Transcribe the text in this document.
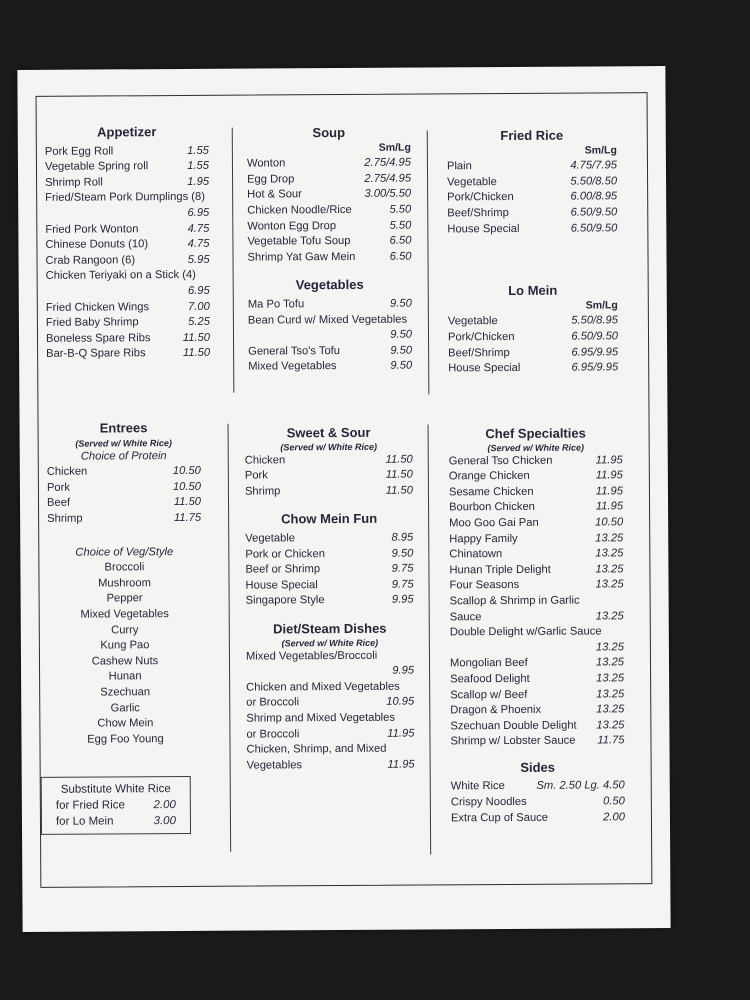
Appetizer
Pork Egg Roll	1.55
Vegetable Spring roll	1.55
Shrimp Roll	1.95
Fried/Steam Pork Dumplings (8)
6.95
Fried Pork Wonton	4.75
Chinese Donuts (10)	4.75
Crab Rangoon (6)	5.95
Chicken Teriyaki on a Stick (4)
6.95
Fried Chicken Wings	7.00
Fried Baby Shrimp	5.25
Boneless Spare Ribs	11.50
Bar-B-Q Spare Ribs	11.50
Soup
Sm/Lg
Wonton	2.75/4.95
Egg Drop	2.75/4.95
Hot & Sour	3.00/5.50
Chicken Noodle/Rice	5.50
Wonton Egg Drop	5.50
Vegetable Tofu Soup	6.50
Shrimp Yat Gaw Mein	6.50
Vegetables
Ma Po Tofu	9.50
Bean Curd w/ Mixed Vegetables
9.50
General Tso's Tofu	9.50
Mixed Vegetables	9.50
Fried Rice
Sm/Lg
Plain	4.75/7.95
Vegetable	5.50/8.50
Pork/Chicken	6.00/8.95
Beef/Shrimp	6.50/9.50
House Special	6.50/9.50
Lo Mein
Sm/Lg
Vegetable	5.50/8.95
Pork/Chicken	6.50/9.50
Beef/Shrimp	6.95/9.95
House Special	6.95/9.95
Entrees
(Served w/ White Rice)
Choice of Protein
Chicken	10.50
Pork	10.50
Beef	11.50
Shrimp	11.75
Choice of Veg/Style
Broccoli
Mushroom
Pepper
Mixed Vegetables
Curry
Kung Pao
Cashew Nuts
Hunan
Szechuan
Garlic
Chow Mein
Egg Foo Young
Substitute White Rice
for Fried Rice 2.00
for Lo Mein	3.00
Sweet & Sour
(Served w/ White Rice)
Chicken	11.50
Pork	11.50
Shrimp	11.50
Chow Mein Fun
Vegetable	8.95
Pork or Chicken	9.50
Beef or Shrimp	9.75
House Special	9.75
Singapore Style	9.95
Diet/Steam Dishes
(Served w/ White Rice)
Mixed Vegetables/Broccoli
9.95
Chicken and Mixed Vegetables
or Broccoli	10.95
Shrimp and Mixed Vegetables
or Broccoli	11.95
Chicken, Shrimp, and Mixed
Vegetables	11.95
Chef Specialties
(Served w/ White Rice)
General Tso Chicken	11.95
Orange Chicken	11.95
Sesame Chicken	11.95
Bourbon Chicken	11.95
Moo Goo Gai Pan	10.50
Happy Family	13.25
Chinatown	13.25
Hunan Triple Delight	13.25
Four Seasons	13.25
Scallop & Shrimp in Garlic
Sauce	13.25
Double Delight w/Garlic Sauce
13.25
Mongolian Beef	13.25
Seafood Delight	13.25
Scallop w/ Beef	13.25
Dragon & Phoenix	13.25
Szechuan Double Delight 13.25
Shrimp w/ Lobster Sauce 11.75
Sides
White Rice	Sm. 2.50 Lg. 4.50
Crispy Noodles	0.50
Extra Cup of Sauce	2.00
